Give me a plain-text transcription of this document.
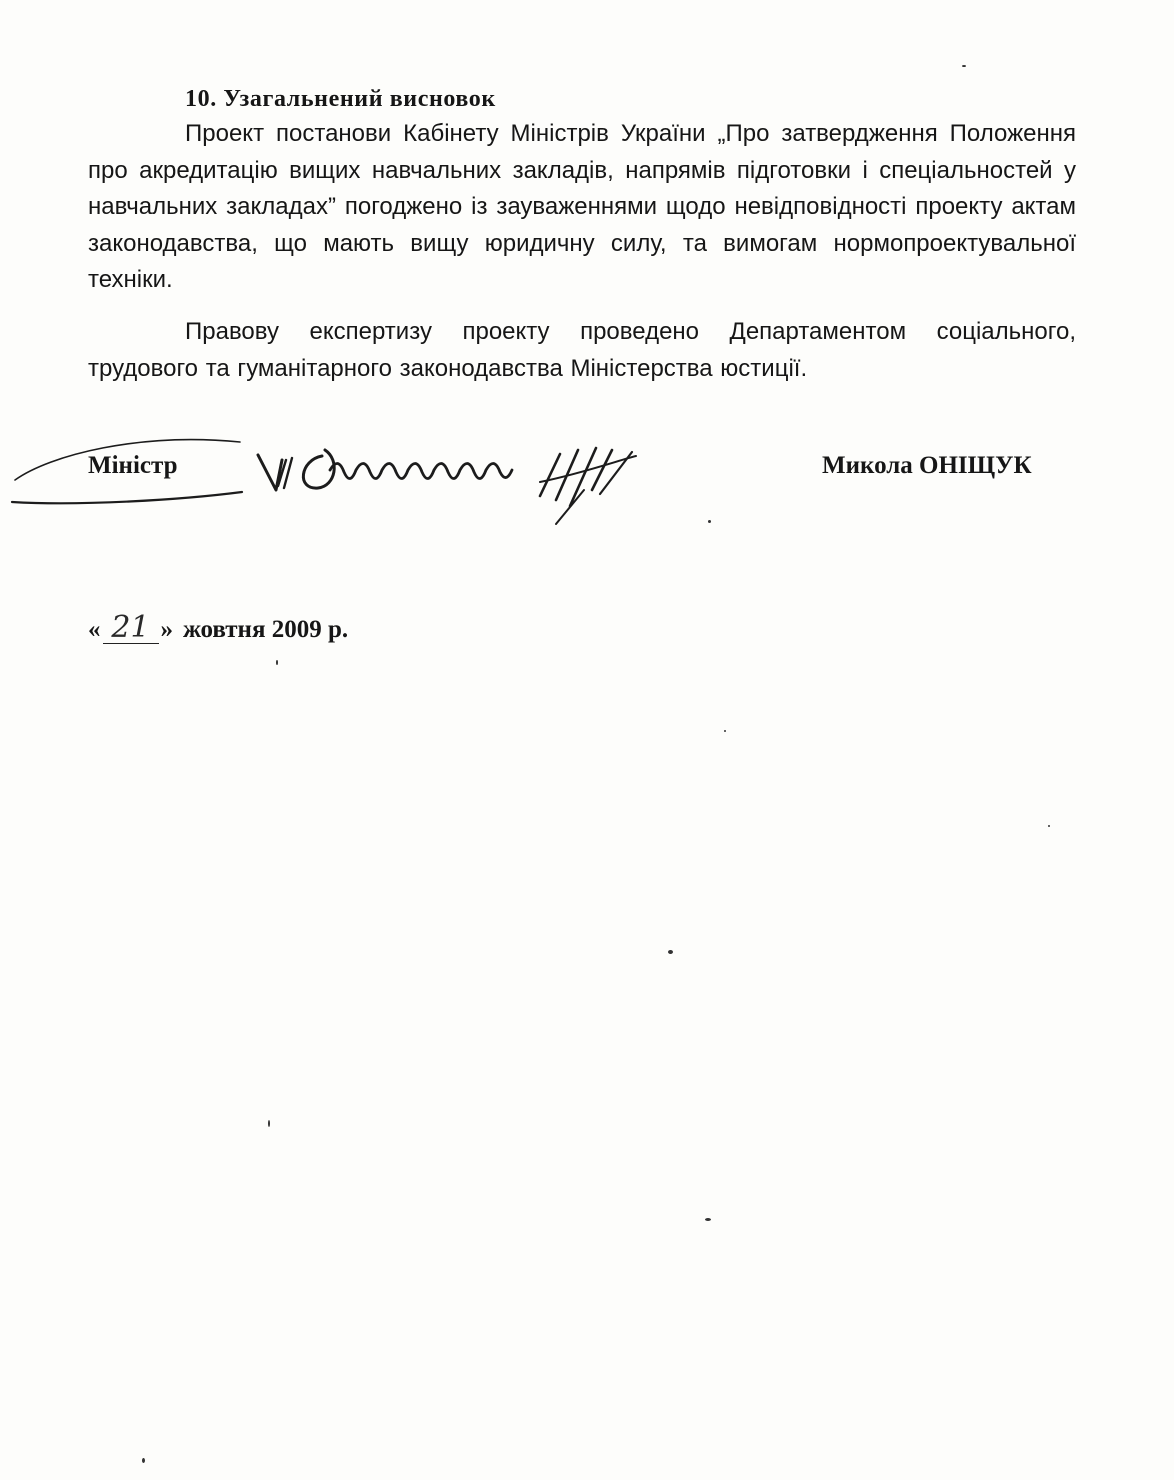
10. Узагальнений висновок

Проект постанови Кабінету Міністрів України „Про затвердження Положення про акредитацію вищих навчальних закладів, напрямів підготовки і спеціальностей у навчальних закладах” погоджено із зауваженнями щодо невідповідності проекту актам законодавства, що мають вищу юридичну силу, та вимогам нормопроектувальної техніки.

Правову експертизу проекту проведено Департаментом соціального, трудового та гуманітарного законодавства Міністерства юстиції.

Міністр	Микола ОНІЩУК
« 21 » жовтня 2009 р.
